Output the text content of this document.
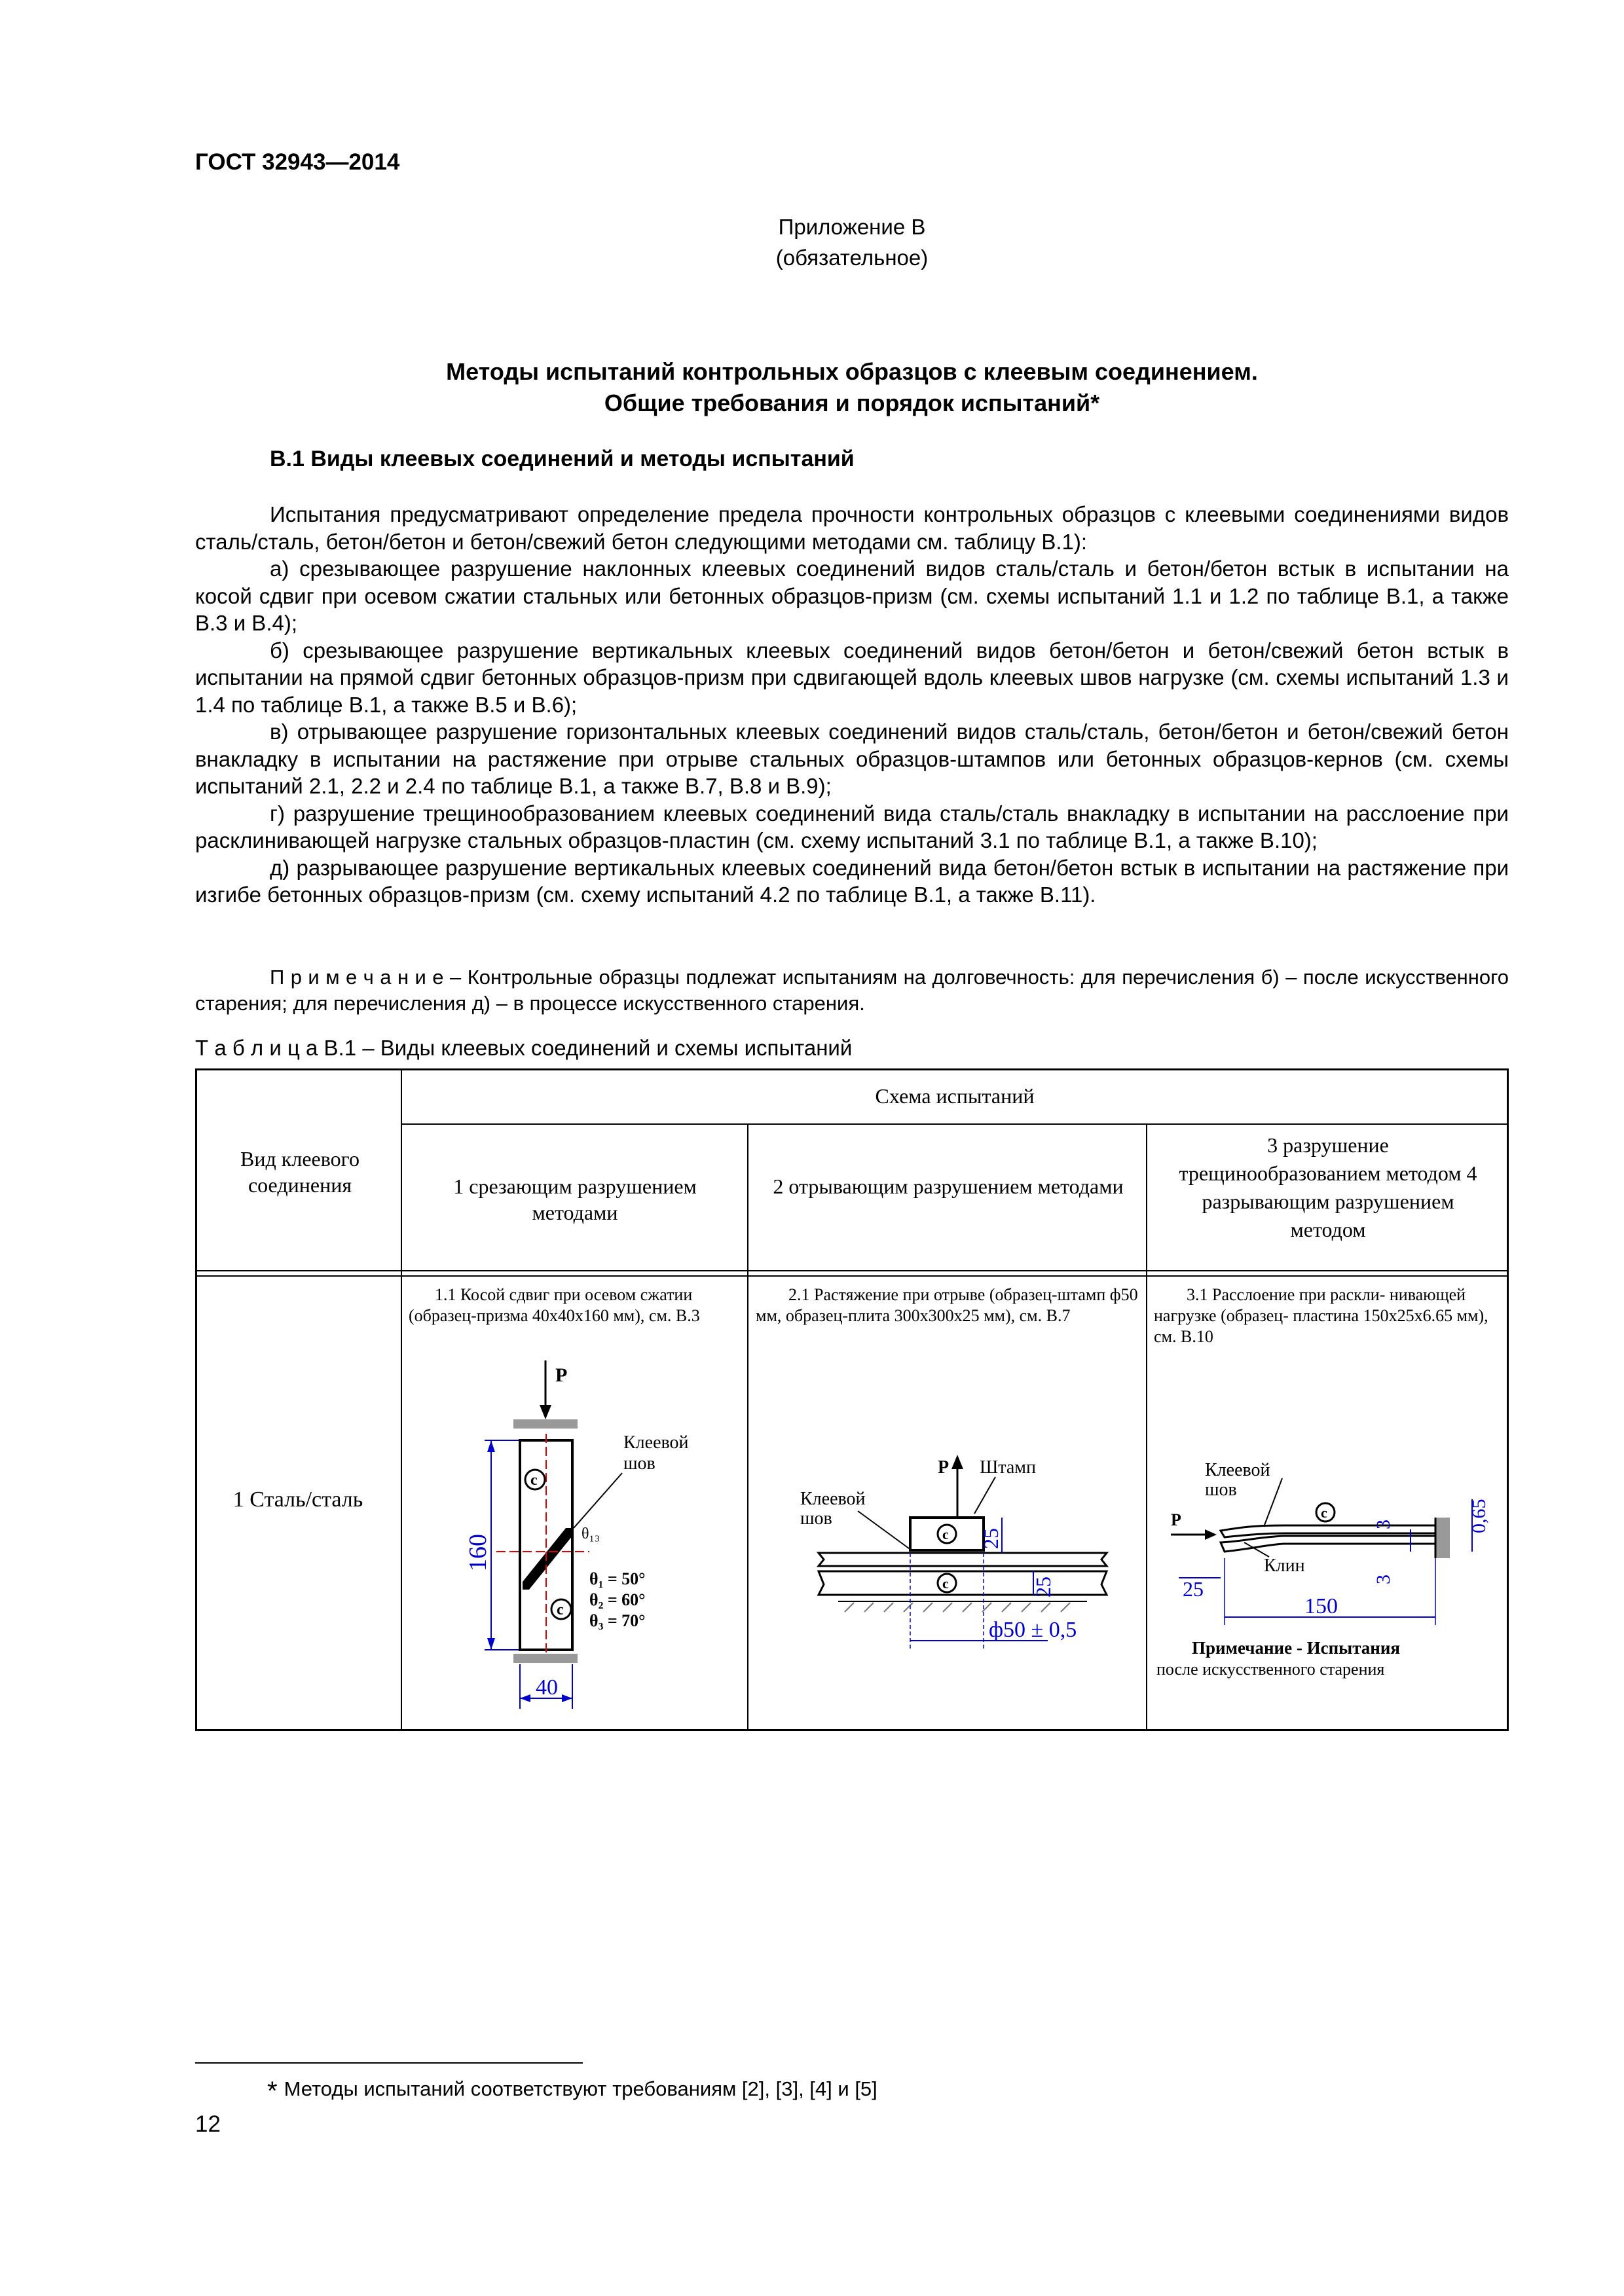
ГОСТ 32943—2014
Приложение В
(обязательное)
Методы испытаний контрольных образцов с клеевым соединением.
Общие требования и порядок испытаний*
В.1 Виды клеевых соединений и методы испытаний

Испытания предусматривают определение предела прочности контрольных образцов с клеевыми соединениями видов сталь/сталь, бетон/бетон и бетон/свежий бетон следующими методами см. таблицу В.1):

а) срезывающее разрушение наклонных клеевых соединений видов сталь/сталь и бетон/бетон встык в испытании на косой сдвиг при осевом сжатии стальных или бетонных образцов-призм (см. схемы испытаний 1.1 и 1.2 по таблице В.1, а также В.3 и В.4);

б) срезывающее разрушение вертикальных клеевых соединений видов бетон/бетон и бетон/свежий бетон встык в испытании на прямой сдвиг бетонных образцов-призм при сдвигающей вдоль клеевых швов нагрузке (см. схемы испытаний 1.3 и 1.4 по таблице В.1, а также В.5 и В.6);

в) отрывающее разрушение горизонтальных клеевых соединений видов сталь/сталь, бетон/бетон и бетон/свежий бетон внакладку в испытании на растяжение при отрыве стальных образцов-штампов или бетонных образцов-кернов (см. схемы испытаний 2.1, 2.2 и 2.4 по таблице В.1, а также В.7, В.8 и В.9);

г) разрушение трещинообразованием клеевых соединений вида сталь/сталь внакладку в испытании на расслоение при расклинивающей нагрузке стальных образцов-пластин (см. схему испытаний 3.1 по таблице В.1, а также В.10);

д) разрывающее разрушение вертикальных клеевых соединений вида бетон/бетон встык в испытании на растяжение при изгибе бетонных образцов-призм (см. схему испытаний 4.2 по таблице В.1, а также В.11).

П р и м е ч а н и е – Контрольные образцы подлежат испытаниям на долговечность: для перечисления б) – после искусственного старения; для перечисления д) – в процессе искусственного старения.

Т а б л и ц а В.1 – Виды клеевых соединений и схемы испытаний
Вид клеевого соединения
Схема испытаний
1 срезающим разрушением методами
2 отрывающим разрушением методами
3 разрушение трещинообразованием методом 4 разрывающим разрушением методом
1 Сталь/сталь
1.1 Косой сдвиг при осевом сжатии (образец-призма 40x40x160 мм), см. В.3
2.1 Растяжение при отрыве (образец-штамп ф50 мм, образец-плита 300x300x25 мм), см. В.7
3.1 Расслоение при раскли- нивающей нагрузке (образец- пластина 150x25x6.65 мм), см. В.10
P
c
c
Клеевой
шов
θ₁₃
θ₁ = 50°
θ₂ = 60°
θ₃ = 70°
160
40
P Штамп
c
c
Клеевой
шов
25
25
ф50 ± 0,5
Клеевой
шов
P	c
3
3
0,65
Клин
25
150
Примечание - Испытания
после искусственного старения
* Методы испытаний соответствуют требованиям [2], [3], [4] и [5]
12
